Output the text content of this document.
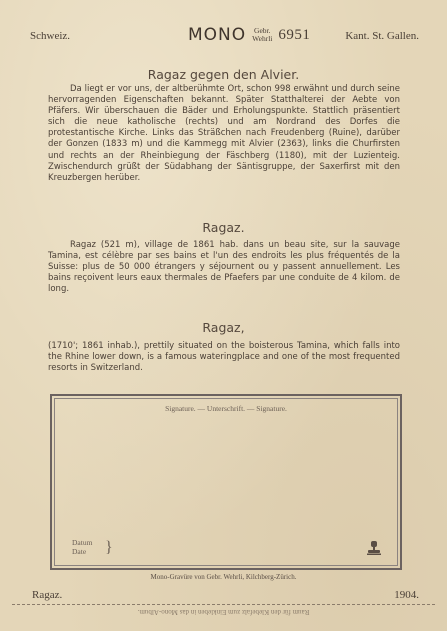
Schweiz.	MONO Gebr.
Wehrli 6951	Kant. St. Gallen.
Ragaz gegen den Alvier.
Da liegt er vor uns, der altberühmte Ort, schon 998 erwähnt und durch seine hervorragenden Eigenschaften bekannt. Später Statthalterei der Aebte von Pfäfers. Wir überschauen die Bäder und Erholungspunkte. Stattlich präsentiert sich die neue katholische (rechts) und am Nordrand des Dorfes die protestantische Kirche. Links das Sträßchen nach Freudenberg (Ruine), darüber der Gonzen (1833 m) und die Kammegg mit Alvier (2363), links die Churfirsten und rechts an der Rheinbiegung der Fäschberg (1180), mit der Luzienteig. Zwischendurch grüßt der Südabhang der Säntisgruppe, der Saxerfirst mit den Kreuzbergen herüber.
Ragaz.
Ragaz (521 m), village de 1861 hab. dans un beau site, sur la sauvage Tamina, est célèbre par ses bains et l'un des endroits les plus fréquentés de la Suisse: plus de 50 000 étrangers y séjournent ou y passent annuellement. Les bains reçoivent leurs eaux thermales de Pfaefers par une conduite de 4 kilom. de long.
Ragaz,
(1710'; 1861 inhab.), prettily situated on the boisterous Tamina, which falls into the Rhine lower down, is a famous wateringplace and one of the most frequented resorts in Switzerland.
Signature. — Unterschrift. — Signature.
Datum
Date	}
Mono-Gravüre von Gebr. Wehrli, Kilchberg-Zürich.
Ragaz.	1904.
Raum für den Klebefalz zum Einkleben in das Mono-Album.
